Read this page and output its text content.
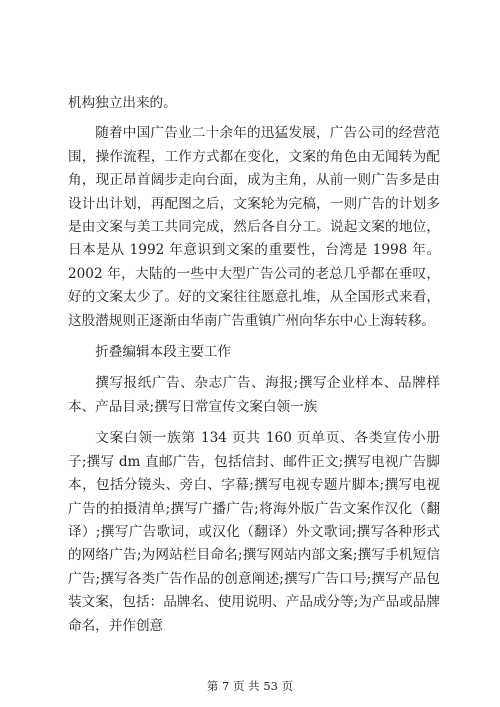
机构独立出来的。

随着中国广告业二十余年的迅猛发展，广告公司的经营范围，操作流程，工作方式都在变化，文案的角色由无闻转为配角，现正昂首阔步走向台面，成为主角，从前一则广告多是由设计出计划，再配图之后，文案轮为完稿，一则广告的计划多是由文案与美工共同完成，然后各自分工。说起文案的地位，日本是从 1992 年意识到文案的重要性，台湾是 1998 年。2002 年，大陆的一些中大型广告公司的老总几乎都在垂叹，好的文案太少了。好的文案往往愿意扎堆，从全国形式来看，这股潜规则正逐渐由华南广告重镇广州向华东中心上海转移。

折叠编辑本段主要工作

撰写报纸广告、杂志广告、海报;撰写企业样本、品牌样本、产品目录;撰写日常宣传文案白领一族

文案白领一族第 134 页共 160 页单页、各类宣传小册子;撰写 dm 直邮广告，包括信封、邮件正文;撰写电视广告脚本，包括分镜头、旁白、字幕;撰写电视专题片脚本;撰写电视广告的拍摄清单;撰写广播广告;将海外版广告文案作汉化（翻译）;撰写广告歌词，或汉化（翻译）外文歌词;撰写各种形式的网络广告;为网站栏目命名;撰写网站内部文案;撰写手机短信广告;撰写各类广告作品的创意阐述;撰写广告口号;撰写产品包装文案，包括：品牌名、使用说明、产品成分等;为产品或品牌命名，并作创意

第 7 页 共 53 页
